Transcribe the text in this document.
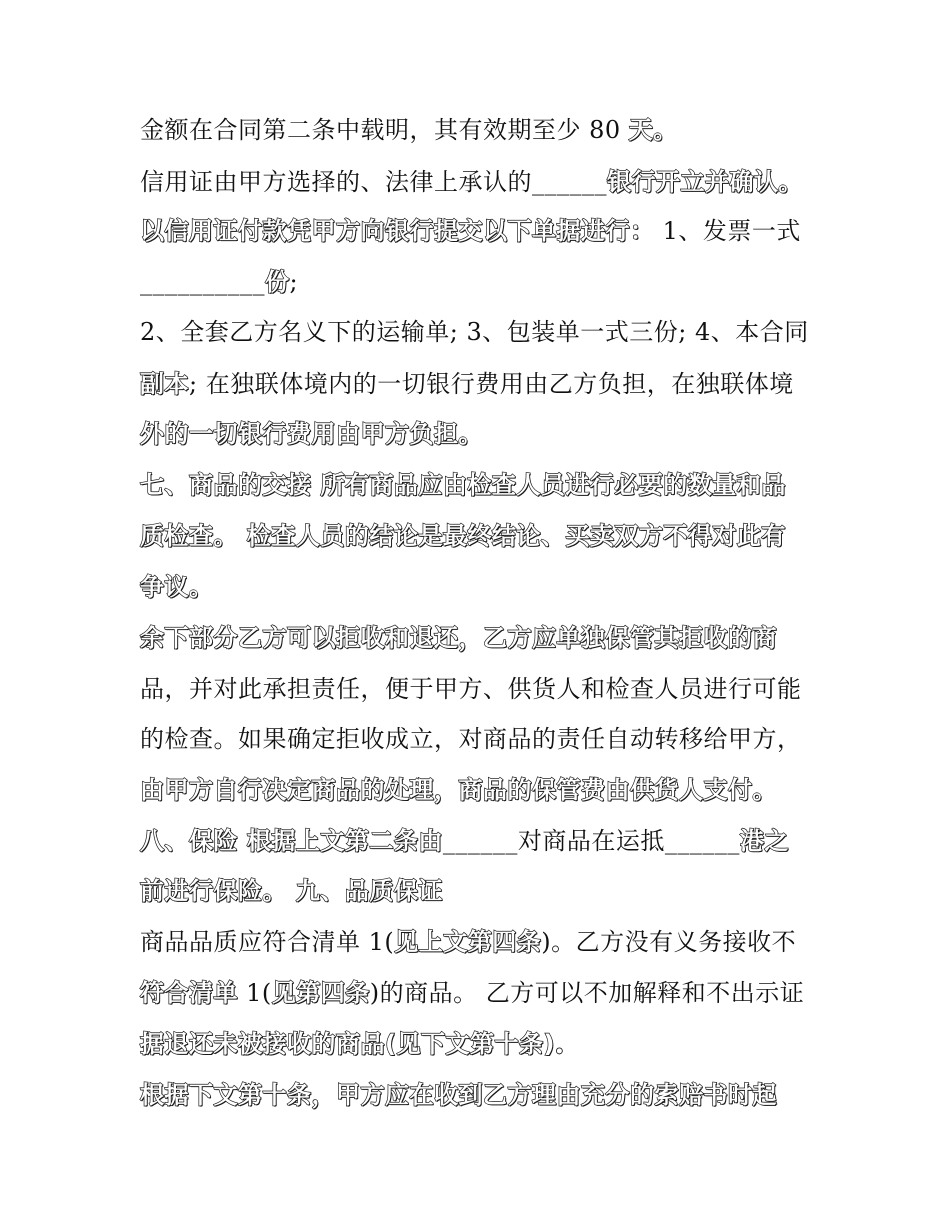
金额在合同第二条中载明，其有效期至少 80 天。
信用证由甲方选择的、法律上承认的______银行开立并确认。
以信用证付款凭甲方向银行提交以下单据进行： 1、发票一式
__________份;
2、全套乙方名义下的运输单; 3、包装单一式三份; 4、本合同
副本; 在独联体境内的一切银行费用由乙方负担，在独联体境
外的一切银行费用由甲方负担。
七、商品的交接 所有商品应由检查人员进行必要的数量和品
质检查。 检查人员的结论是最终结论、买卖双方不得对此有
争议。
余下部分乙方可以拒收和退还，乙方应单独保管其拒收的商
品，并对此承担责任，便于甲方、供货人和检查人员进行可能
的检查。如果确定拒收成立，对商品的责任自动转移给甲方，
由甲方自行决定商品的处理，商品的保管费由供货人支付。
八、保险 根据上文第二条由______对商品在运抵______港之
前进行保险。 九、品质保证
商品品质应符合清单 1(见上文第四条)。乙方没有义务接收不
符合清单 1(见第四条)的商品。 乙方可以不加解释和不出示证
据退还未被接收的商品(见下文第十条)。
根据下文第十条，甲方应在收到乙方理由充分的索赔书时起
